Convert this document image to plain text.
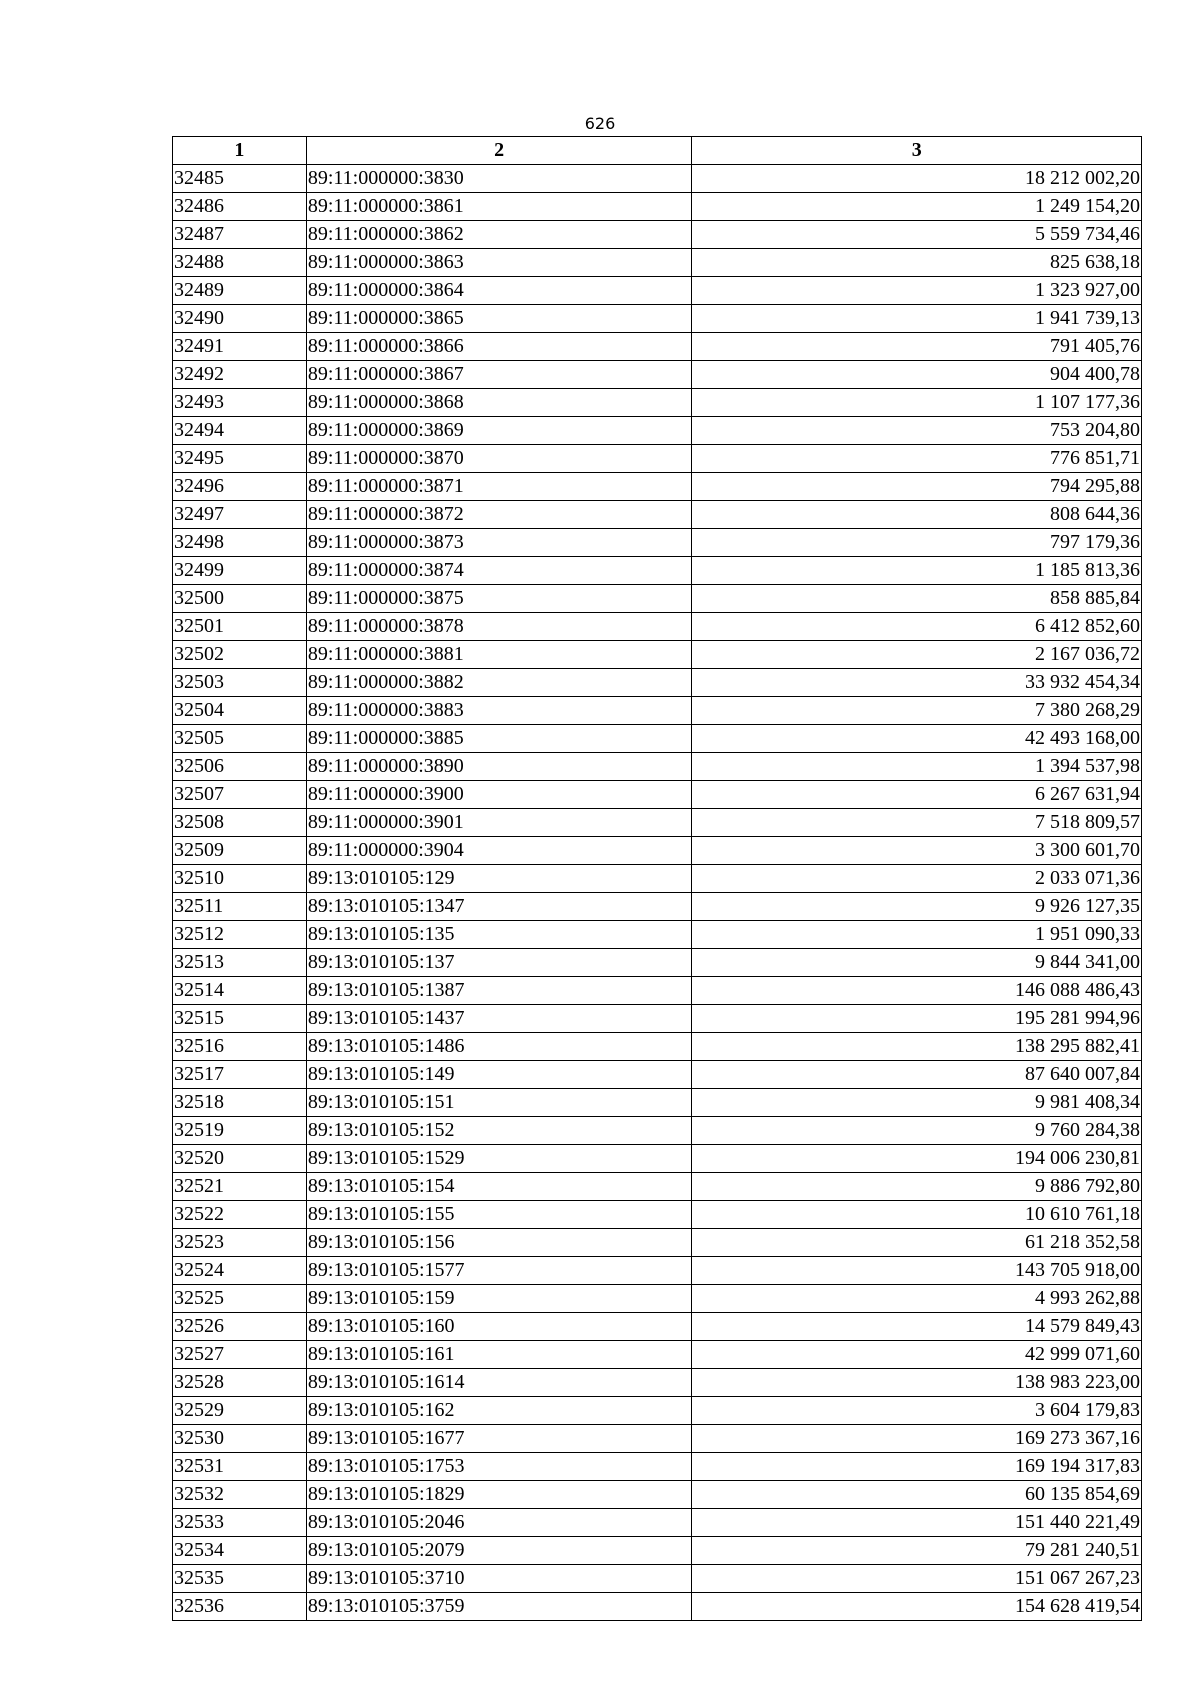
626
1	2	3
32485	89:11:000000:3830	18 212 002,20
32486	89:11:000000:3861	1 249 154,20
32487	89:11:000000:3862	5 559 734,46
32488	89:11:000000:3863	825 638,18
32489	89:11:000000:3864	1 323 927,00
32490	89:11:000000:3865	1 941 739,13
32491	89:11:000000:3866	791 405,76
32492	89:11:000000:3867	904 400,78
32493	89:11:000000:3868	1 107 177,36
32494	89:11:000000:3869	753 204,80
32495	89:11:000000:3870	776 851,71
32496	89:11:000000:3871	794 295,88
32497	89:11:000000:3872	808 644,36
32498	89:11:000000:3873	797 179,36
32499	89:11:000000:3874	1 185 813,36
32500	89:11:000000:3875	858 885,84
32501	89:11:000000:3878	6 412 852,60
32502	89:11:000000:3881	2 167 036,72
32503	89:11:000000:3882	33 932 454,34
32504	89:11:000000:3883	7 380 268,29
32505	89:11:000000:3885	42 493 168,00
32506	89:11:000000:3890	1 394 537,98
32507	89:11:000000:3900	6 267 631,94
32508	89:11:000000:3901	7 518 809,57
32509	89:11:000000:3904	3 300 601,70
32510	89:13:010105:129	2 033 071,36
32511	89:13:010105:1347	9 926 127,35
32512	89:13:010105:135	1 951 090,33
32513	89:13:010105:137	9 844 341,00
32514	89:13:010105:1387	146 088 486,43
32515	89:13:010105:1437	195 281 994,96
32516	89:13:010105:1486	138 295 882,41
32517	89:13:010105:149	87 640 007,84
32518	89:13:010105:151	9 981 408,34
32519	89:13:010105:152	9 760 284,38
32520	89:13:010105:1529	194 006 230,81
32521	89:13:010105:154	9 886 792,80
32522	89:13:010105:155	10 610 761,18
32523	89:13:010105:156	61 218 352,58
32524	89:13:010105:1577	143 705 918,00
32525	89:13:010105:159	4 993 262,88
32526	89:13:010105:160	14 579 849,43
32527	89:13:010105:161	42 999 071,60
32528	89:13:010105:1614	138 983 223,00
32529	89:13:010105:162	3 604 179,83
32530	89:13:010105:1677	169 273 367,16
32531	89:13:010105:1753	169 194 317,83
32532	89:13:010105:1829	60 135 854,69
32533	89:13:010105:2046	151 440 221,49
32534	89:13:010105:2079	79 281 240,51
32535	89:13:010105:3710	151 067 267,23
32536	89:13:010105:3759	154 628 419,54
